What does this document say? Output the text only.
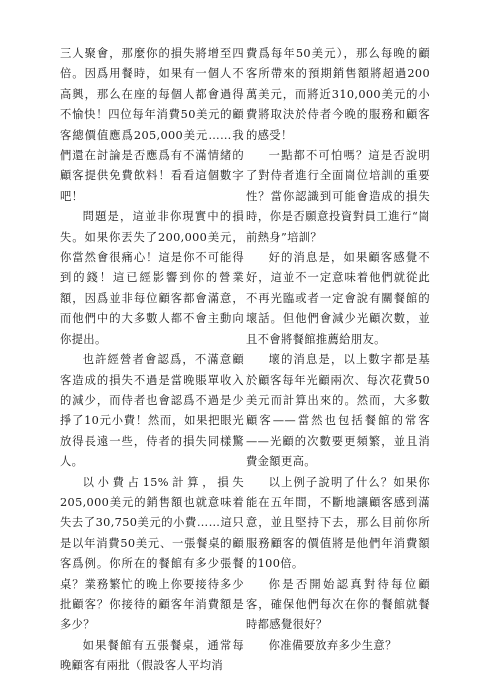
三人聚會，那麼你的損失將增至四倍。因爲用餐時，如果有一個人不高興，那么在座的每個人都會過得不愉快！四位每年消費50美元的顧客總價值應爲205,000美元……我們還在討論是否應爲有不滿情緒的顧客提供免費飲料！看看這個數字吧！

問題是，這並非你現實中的損失。如果你丟失了200,000美元，你當然會很痛心！這是你不可能得到的錢！這已經影響到你的營業額，因爲並非每位顧客都會滿意，而他們中的大多數人都不會主動向你提出。

也許經營者會認爲，不滿意顧客造成的損失不過是當晚賬單收入的減少，而侍者也會認爲不過是少掙了10元小費！然而，如果把眼光放得長遠一些，侍者的損失同樣驚人。

以小費占15%計算，損失205,000美元的銷售額也就意味着失去了30,750美元的小費……這只是以年消費50美元、一張餐桌的顧客爲例。你所在的餐館有多少張餐桌？業務繁忙的晚上你要接待多少批顧客？你接待的顧客年消費額是多少？

如果餐館有五張餐桌，通常每晚顧客有兩批（假設客人平均消

費爲每年50美元），那么每晚的顧客所帶來的預期銷售額將超過200萬美元，而將近310,000美元的小費將取決於侍者今晚的服務和顧客的感受！

一點都不可怕嗎？這是否說明了對侍者進行全面崗位培訓的重要性？當你認識到可能會造成的損失時，你是否願意投資對員工進行“崗前熱身”培訓？

好的消息是，如果顧客感覺不好，這並不一定意味着他們就從此不再光臨或者一定會說有關餐館的壞話。但他們會減少光顧次數，並且不會將餐館推薦給朋友。

壞的消息是，以上數字都是基於顧客每年光顧兩次、每次花費50美元而計算出來的。然而，大多數顧客——當然也包括餐館的常客——光顧的次數要更頻繁，並且消費金額更高。

以上例子說明了什么？如果你能在五年間，不斷地讓顧客感到滿意，並且堅持下去，那么目前你所服務顧客的價值將是他們年消費額的100倍。

你是否開始認真對待每位顧客，確保他們每次在你的餐館就餐時都感覺很好？

你准備要放弃多少生意？
